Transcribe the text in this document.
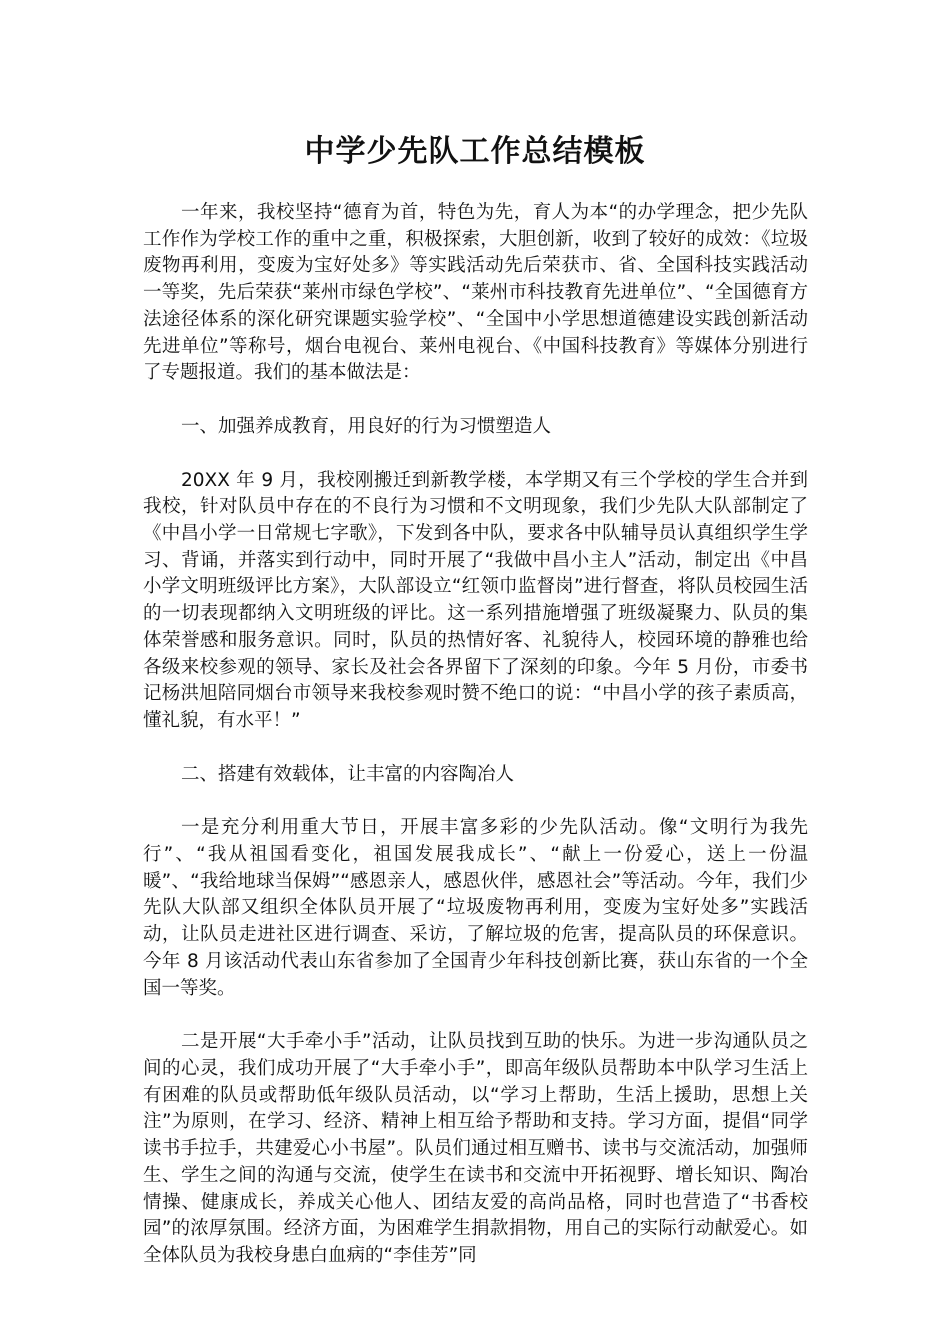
中学少先队工作总结模板

一年来，我校坚持“德育为首，特色为先，育人为本“的办学理念，把少先队工作作为学校工作的重中之重，积极探索，大胆创新，收到了较好的成效：《垃圾废物再利用，变废为宝好处多》等实践活动先后荣获市、省、全国科技实践活动一等奖，先后荣获“莱州市绿色学校”、“莱州市科技教育先进单位”、“全国德育方法途径体系的深化研究课题实验学校”、“全国中小学思想道德建设实践创新活动先进单位”等称号，烟台电视台、莱州电视台、《中国科技教育》等媒体分别进行了专题报道。我们的基本做法是：

一、加强养成教育，用良好的行为习惯塑造人

20XX 年 9 月，我校刚搬迁到新教学楼，本学期又有三个学校的学生合并到我校，针对队员中存在的不良行为习惯和不文明现象，我们少先队大队部制定了《中昌小学一日常规七字歌》，下发到各中队，要求各中队辅导员认真组织学生学习、背诵，并落实到行动中，同时开展了“我做中昌小主人”活动，制定出《中昌小学文明班级评比方案》，大队部设立“红领巾监督岗”进行督查，将队员校园生活的一切表现都纳入文明班级的评比。这一系列措施增强了班级凝聚力、队员的集体荣誉感和服务意识。同时，队员的热情好客、礼貌待人，校园环境的静雅也给各级来校参观的领导、家长及社会各界留下了深刻的印象。今年 5 月份，市委书记杨洪旭陪同烟台市领导来我校参观时赞不绝口的说：“中昌小学的孩子素质高，懂礼貌，有水平！”

二、搭建有效载体，让丰富的内容陶冶人

一是充分利用重大节日，开展丰富多彩的少先队活动。像“文明行为我先行”、“我从祖国看变化，祖国发展我成长”、“献上一份爱心，送上一份温暖”、“我给地球当保姆”“感恩亲人，感恩伙伴，感恩社会”等活动。今年，我们少先队大队部又组织全体队员开展了“垃圾废物再利用，变废为宝好处多”实践活动，让队员走进社区进行调查、采访，了解垃圾的危害，提高队员的环保意识。今年 8 月该活动代表山东省参加了全国青少年科技创新比赛，获山东省的一个全国一等奖。

二是开展“大手牵小手”活动，让队员找到互助的快乐。为进一步沟通队员之间的心灵，我们成功开展了“大手牵小手”，即高年级队员帮助本中队学习生活上有困难的队员或帮助低年级队员活动，以“学习上帮助，生活上援助，思想上关注”为原则，在学习、经济、精神上相互给予帮助和支持。学习方面，提倡“同学读书手拉手，共建爱心小书屋”。队员们通过相互赠书、读书与交流活动，加强师生、学生之间的沟通与交流，使学生在读书和交流中开拓视野、增长知识、陶冶情操、健康成长，养成关心他人、团结友爱的高尚品格，同时也营造了“书香校园”的浓厚氛围。经济方面，为困难学生捐款捐物，用自己的实际行动献爱心。如全体队员为我校身患白血病的“李佳芳”同
